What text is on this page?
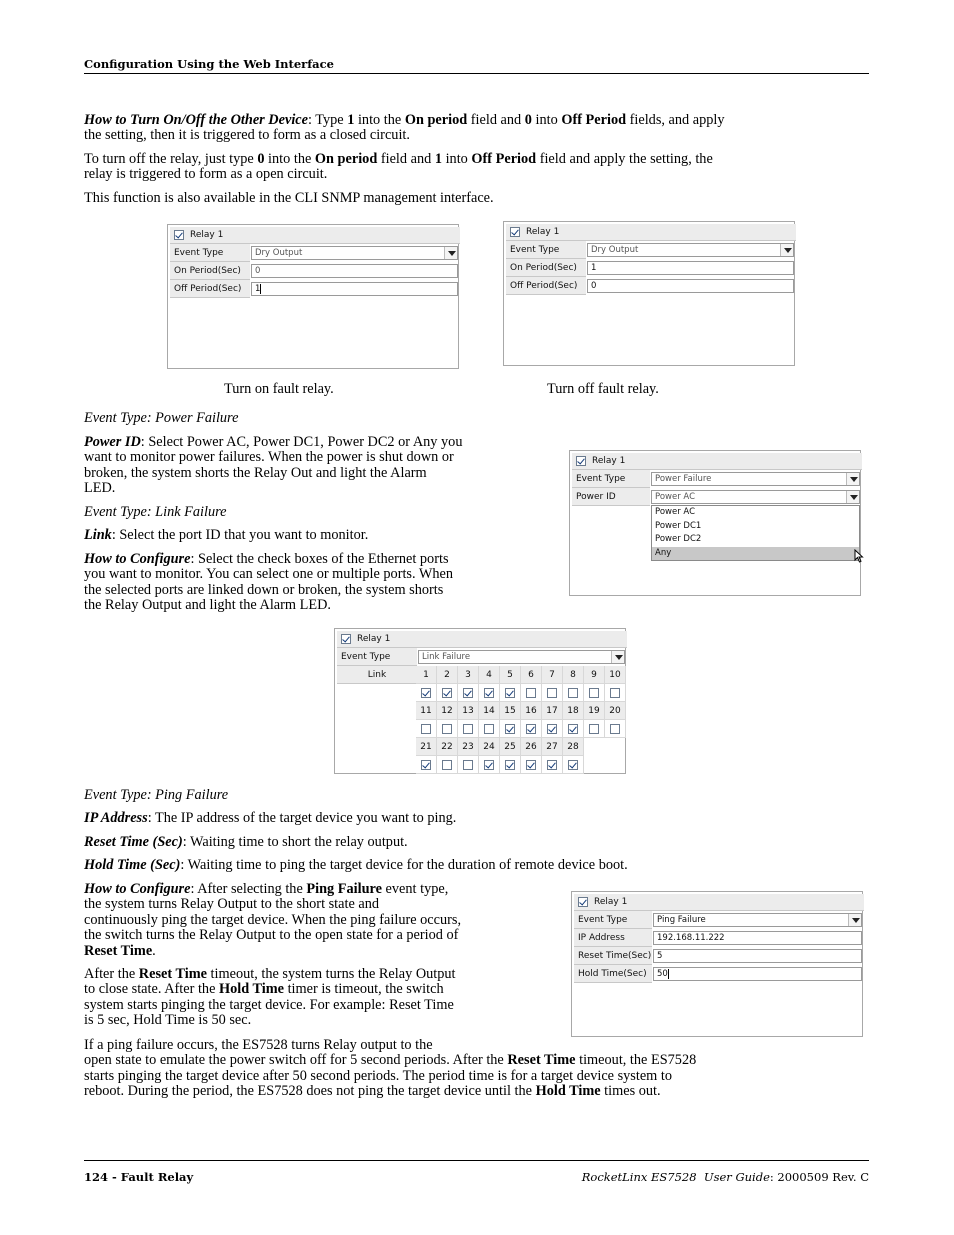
Configuration Using the Web Interface
How to Turn On/Off the Other Device: Type 1 into the On period field and 0 into Off Period fields, and apply
the setting, then it is triggered to form as a closed circuit.
To turn off the relay, just type 0 into the On period field and 1 into Off Period field and apply the setting, the
relay is triggered to form as a open circuit.
This function is also available in the CLI SNMP management interface.
Relay 1
Event Type	Dry Output
On Period(Sec)	0
Off Period(Sec)	1
Turn on fault relay.
Relay 1
Event Type	Dry Output
On Period(Sec)	1
Off Period(Sec)	0
Turn off fault relay.
Event Type: Power Failure
Power ID: Select Power AC, Power DC1, Power DC2 or Any you
want to monitor power failures. When the power is shut down or
broken, the system shorts the Relay Out and light the Alarm
LED.
Relay 1
Event Type	Power Failure
Power ID	Power AC
Power AC
Power DC1
Power DC2
Any
Event Type: Link Failure
Link: Select the port ID that you want to monitor.
How to Configure: Select the check boxes of the Ethernet ports
you want to monitor. You can select one or multiple ports. When
the selected ports are linked down or broken, the system shorts
the Relay Output and light the Alarm LED.
Relay 1
Event Type	Link Failure
Link	1	2	3	4	5	6	7	8	9	10
11	12	13	14	15	16	17	18	19	20
21	22	23	24	25	26	27	28
Event Type: Ping Failure
IP Address: The IP address of the target device you want to ping.
Reset Time (Sec): Waiting time to short the relay output.
Hold Time (Sec): Waiting time to ping the target device for the duration of remote device boot.
How to Configure: After selecting the Ping Failure event type,
the system turns Relay Output to the short state and
continuously ping the target device. When the ping failure occurs,
the switch turns the Relay Output to the open state for a period of
Reset Time.
After the Reset Time timeout, the system turns the Relay Output
to close state. After the Hold Time timer is timeout, the switch
system starts pinging the target device. For example: Reset Time
is 5 sec, Hold Time is 50 sec.
If a ping failure occurs, the ES7528 turns Relay output to the
open state to emulate the power switch off for 5 second periods. After the Reset Time timeout, the ES7528
starts pinging the target device after 50 second periods. The period time is for a target device system to
reboot. During the period, the ES7528 does not ping the target device until the Hold Time times out.
Relay 1
Event Type	Ping Failure
IP Address	192.168.11.222
Reset Time(Sec) 5
Hold Time(Sec)	50
124 - Fault Relay	RocketLinx ES7528 User Guide: 2000509 Rev. C
